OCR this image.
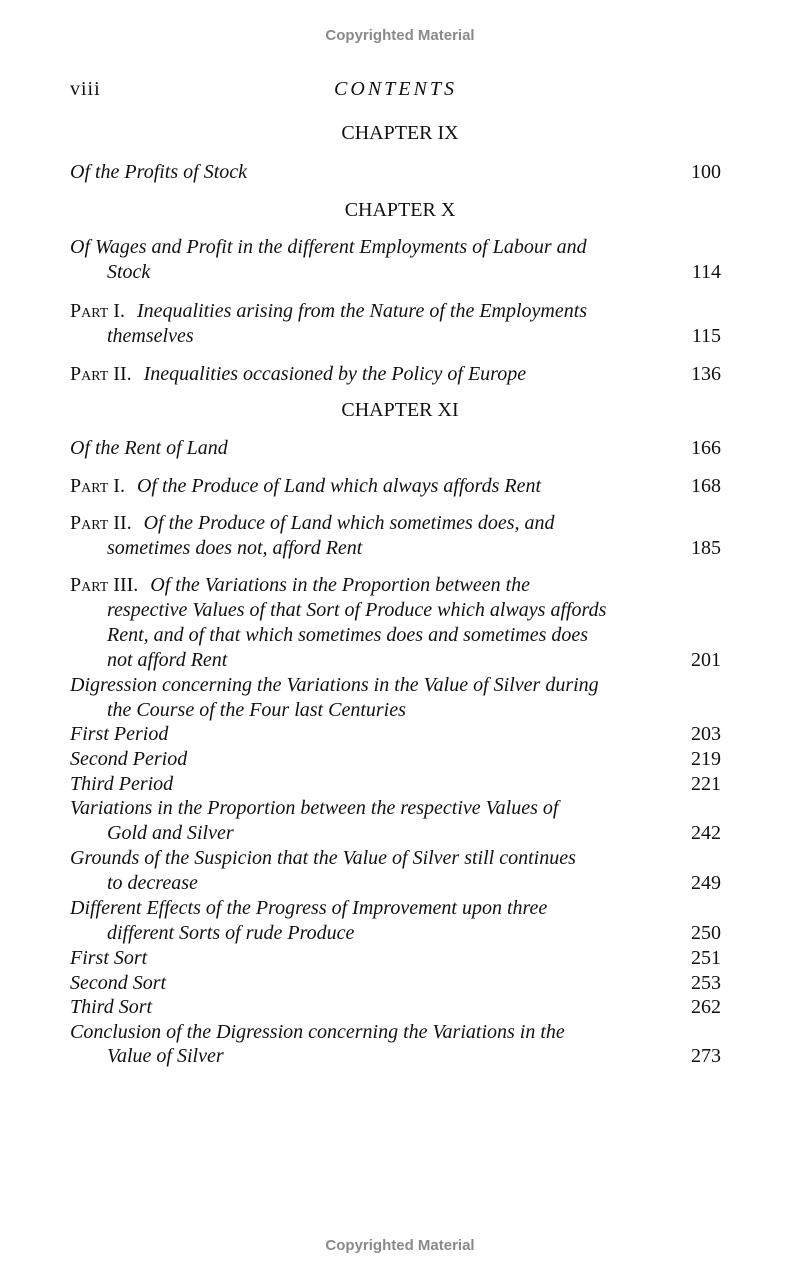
Copyrighted Material
viii	CONTENTS
CHAPTER IX
Of the Profits of Stock	100
CHAPTER X
Of Wages and Profit in the different Employments of Labour and
Stock	114
Part I. Inequalities arising from the Nature of the Employments
themselves	115
Part II. Inequalities occasioned by the Policy of Europe	136
CHAPTER XI
Of the Rent of Land	166
Part I. Of the Produce of Land which always affords Rent	168
Part II. Of the Produce of Land which sometimes does, and
sometimes does not, afford Rent	185
Part III. Of the Variations in the Proportion between the
respective Values of that Sort of Produce which always affords
Rent, and of that which sometimes does and sometimes does
not afford Rent	201
Digression concerning the Variations in the Value of Silver during
the Course of the Four last Centuries
First Period	203
Second Period	219
Third Period	221
Variations in the Proportion between the respective Values of
Gold and Silver	242
Grounds of the Suspicion that the Value of Silver still continues
to decrease	249
Different Effects of the Progress of Improvement upon three
different Sorts of rude Produce	250
First Sort	251
Second Sort	253
Third Sort	262
Conclusion of the Digression concerning the Variations in the
Value of Silver	273
Copyrighted Material
